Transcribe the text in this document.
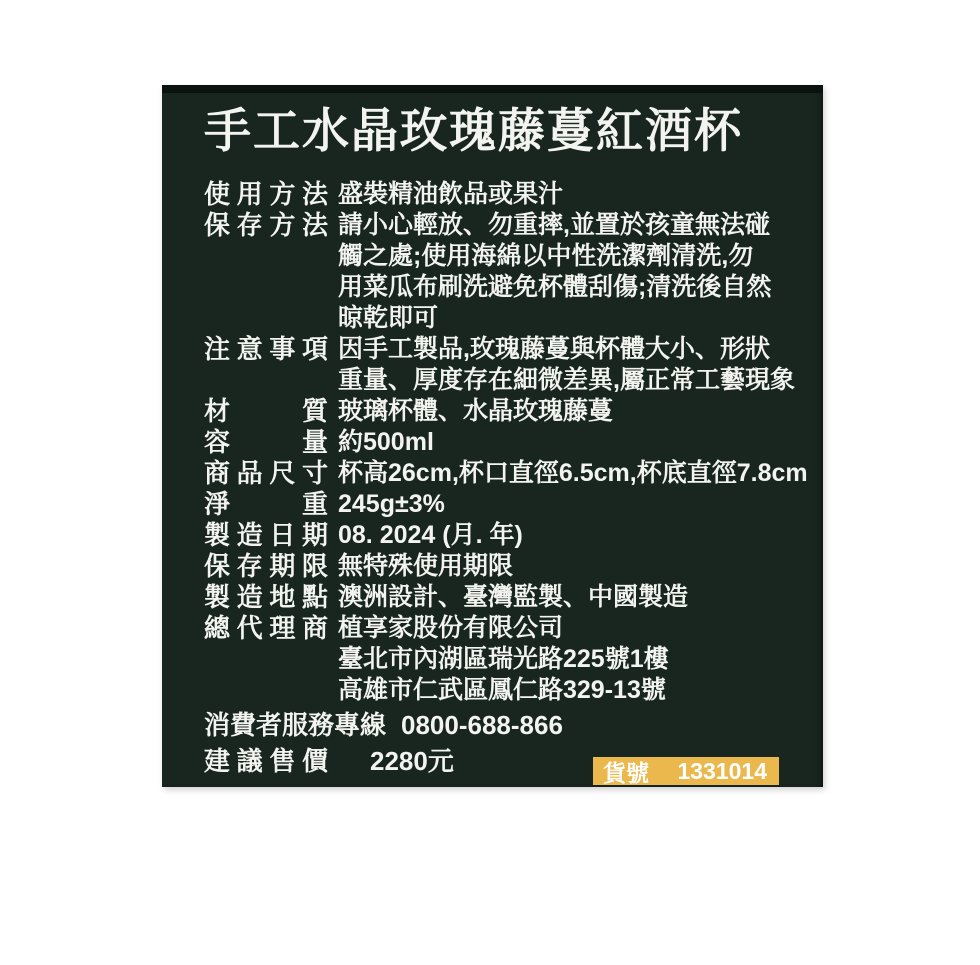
手工水晶玫瑰藤蔓紅酒杯
使用方法 盛裝精油飲品或果汁
保存方法 請小心輕放、勿重摔,並置於孩童無法碰
觸之處;使用海綿以中性洗潔劑清洗,勿
用菜瓜布刷洗避免杯體刮傷;清洗後自然
晾乾即可
注意事項 因手工製品,玫瑰藤蔓與杯體大小、形狀
重量、厚度存在細微差異,屬正常工藝現象
材質 玻璃杯體、水晶玫瑰藤蔓
容量 約500ml
商品尺寸 杯高26cm,杯口直徑6.5cm,杯底直徑7.8cm
淨重 245g±3%
製造日期 08. 2024 (月. 年)
保存期限 無特殊使用期限
製造地點 澳洲設計、臺灣監製、中國製造
總代理商 植享家股份有限公司
臺北市內湖區瑞光路225號1樓
高雄市仁武區鳳仁路329-13號
消費者服務專線 0800-688-866
建議售價 2280元	貨號 1331014
